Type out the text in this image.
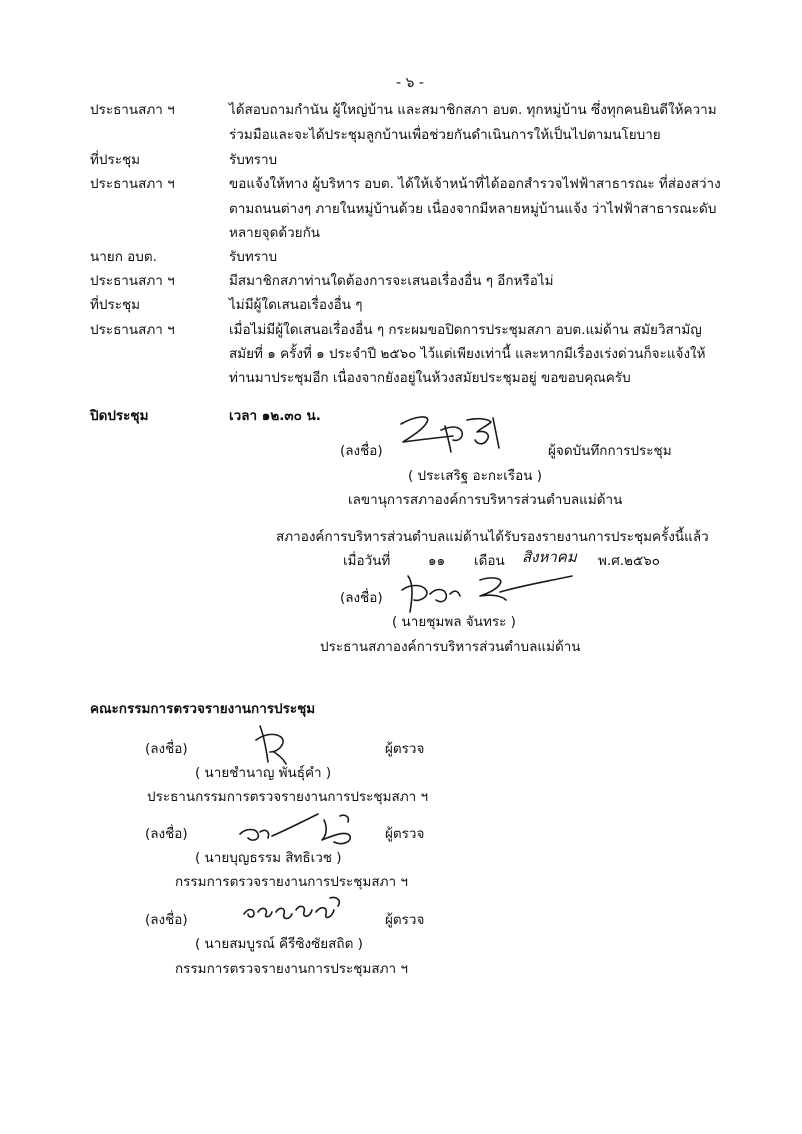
- ๖ -
ประธานสภา ฯ	ได้สอบถามกำนัน ผู้ใหญ่บ้าน และสมาชิกสภา อบต. ทุกหมู่บ้าน ซึ่งทุกคนยินดีให้ความ
ร่วมมือและจะได้ประชุมลูกบ้านเพื่อช่วยกันดำเนินการให้เป็นไปตามนโยบาย
ที่ประชุม	รับทราบ
ประธานสภา ฯ	ขอแจ้งให้ทาง ผู้บริหาร อบต. ได้ให้เจ้าหน้าที่ได้ออกสำรวจไฟฟ้าสาธารณะ ที่ส่องสว่าง
ตามถนนต่างๆ ภายในหมู่บ้านด้วย เนื่องจากมีหลายหมู่บ้านแจ้ง ว่าไฟฟ้าสาธารณะดับ
หลายจุดด้วยกัน
นายก อบต.	รับทราบ
ประธานสภา ฯ	มีสมาชิกสภาท่านใดต้องการจะเสนอเรื่องอื่น ๆ อีกหรือไม่
ที่ประชุม	ไม่มีผู้ใดเสนอเรื่องอื่น ๆ
ประธานสภา ฯ	เมื่อไม่มีผู้ใดเสนอเรื่องอื่น ๆ กระผมขอปิดการประชุมสภา อบต.แม่ด้าน สมัยวิสามัญ
สมัยที่ ๑ ครั้งที่ ๑ ประจำปี ๒๕๖๐ ไว้แต่เพียงเท่านี้ และหากมีเรื่องเร่งด่วนก็จะแจ้งให้
ท่านมาประชุมอีก เนื่องจากยังอยู่ในห้วงสมัยประชุมอยู่ ขอขอบคุณครับ
ปิดประชุม	เวลา ๑๒.๓๐ น.
(ลงชื่อ)	ผู้จดบันทึกการประชุม
( ประเสริฐ อะกะเรือน )
เลขานุการสภาองค์การบริหารส่วนตำบลแม่ด้าน
สภาองค์การบริหารส่วนตำบลแม่ด้านได้รับรองรายงานการประชุมครั้งนี้แล้ว
เมื่อวันที่	๑๑ เดือน สิงหาคม พ.ศ.๒๕๖๐
(ลงชื่อ)
( นายชุมพล จันทระ )
ประธานสภาองค์การบริหารส่วนตำบลแม่ด้าน
คณะกรรมการตรวจรายงานการประชุม
(ลงชื่อ)	ผู้ตรวจ
( นายชำนาญ พันธุ์คำ )
ประธานกรรมการตรวจรายงานการประชุมสภา ฯ
(ลงชื่อ)	ผู้ตรวจ
( นายบุญธรรม สิทธิเวช )
กรรมการตรวจรายงานการประชุมสภา ฯ
(ลงชื่อ)	ผู้ตรวจ
( นายสมบูรณ์ คีรีซิงซัยสถิต )
กรรมการตรวจรายงานการประชุมสภา ฯ
